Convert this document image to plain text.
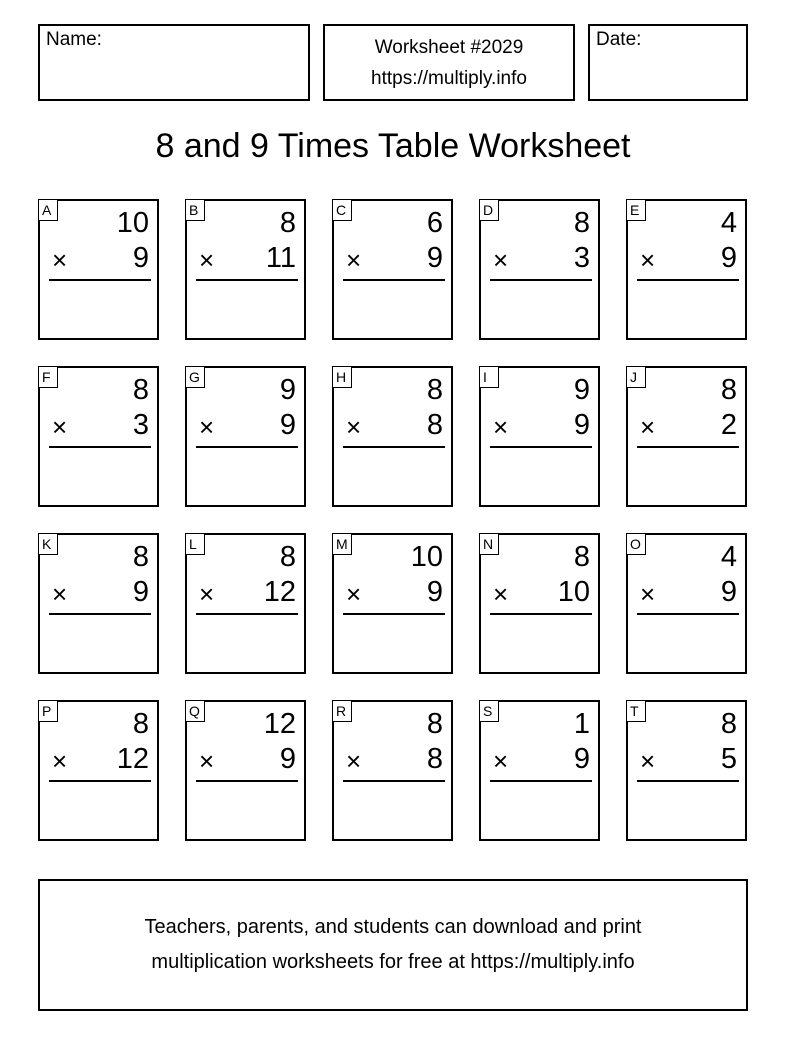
Name:	Worksheet #2029
https://multiply.info
Date:
8 and 9 Times Table Worksheet
A 10
× 9
B	8
× 11
C	6
× 9
D	8
× 3
E	4
× 9
F	8
× 3
G	9
× 9
H	8
× 8
I	9
× 9
J	8
× 2
K	8
× 9
L	8
× 12
M 10
× 9
N	8
× 10
O	4
× 9
P	8
× 12
Q 12
× 9
R	8
× 8
S	1
× 9
T	8
× 5
Teachers, parents, and students can download and print
multiplication worksheets for free at https://multiply.info
